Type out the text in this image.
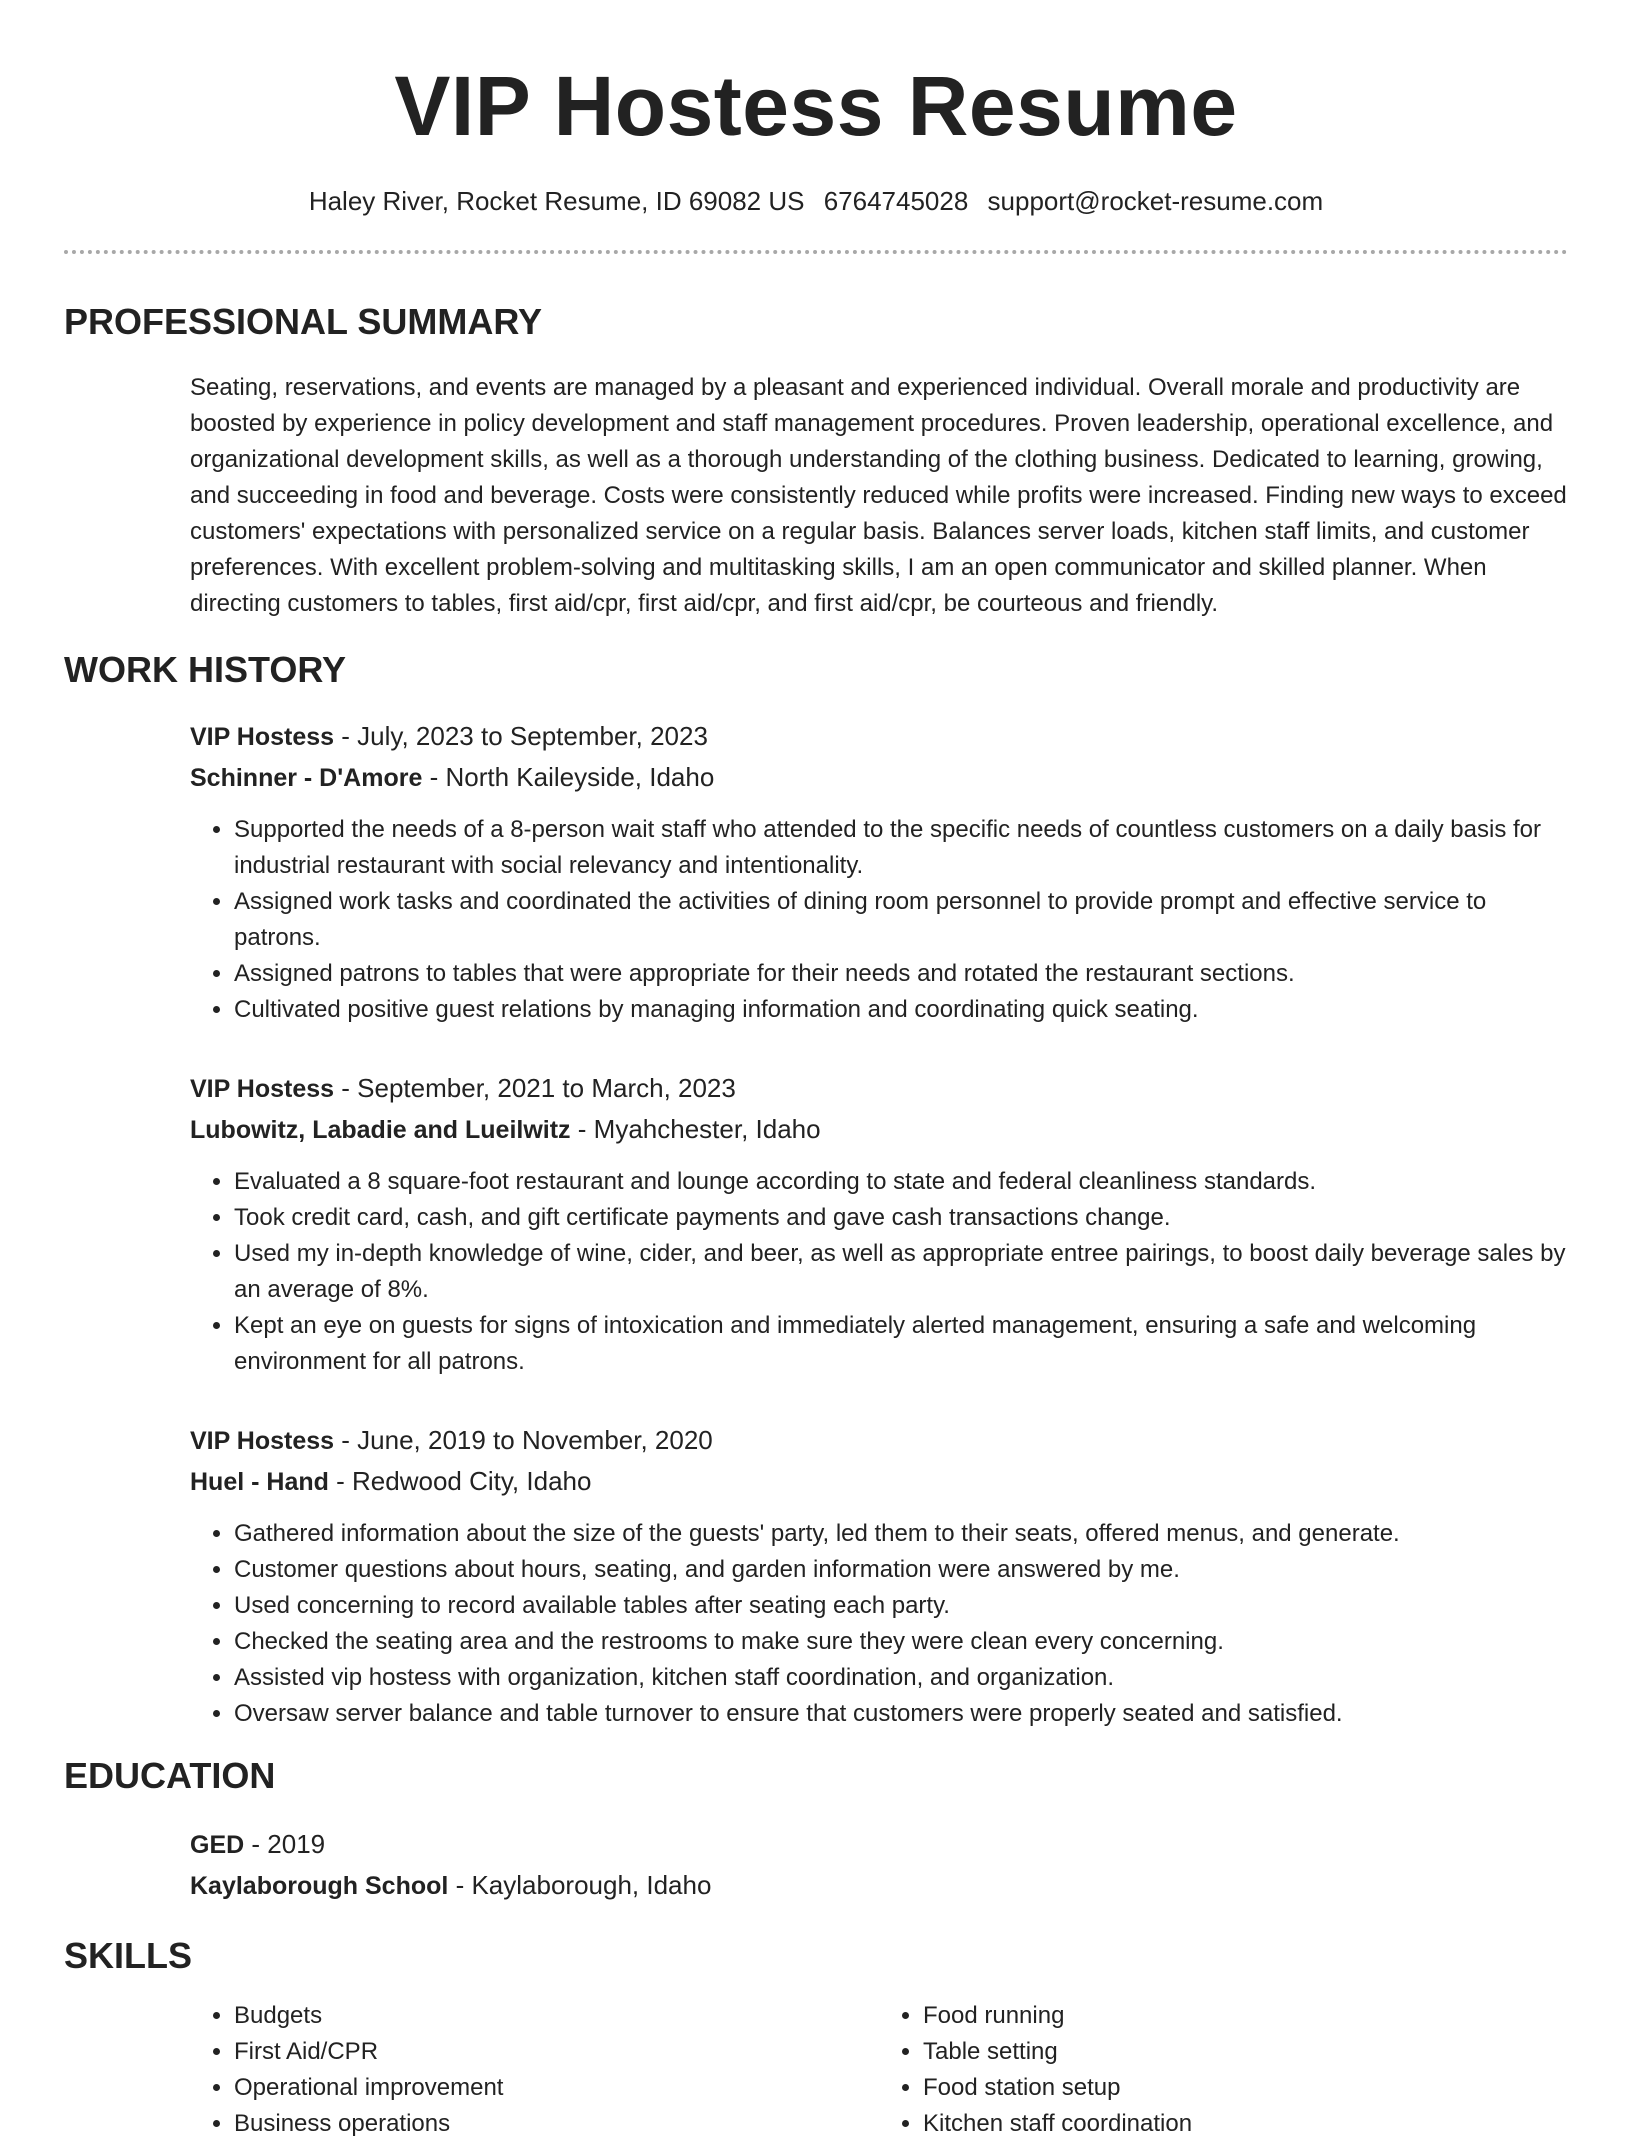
VIP Hostess Resume
Haley River, Rocket Resume, ID 69082 US 6764745028 support@rocket-resume.com
PROFESSIONAL SUMMARY

Seating, reservations, and events are managed by a pleasant and experienced individual. Overall morale and productivity are boosted by experience in policy development and staff management procedures. Proven leadership, operational excellence, and organizational development skills, as well as a thorough understanding of the clothing business. Dedicated to learning, growing, and succeeding in food and beverage. Costs were consistently reduced while profits were increased. Finding new ways to exceed customers' expectations with personalized service on a regular basis. Balances server loads, kitchen staff limits, and customer preferences. With excellent problem-solving and multitasking skills, I am an open communicator and skilled planner. When directing customers to tables, first aid/cpr, first aid/cpr, and first aid/cpr, be courteous and friendly.

WORK HISTORY
VIP Hostess - July, 2023 to September, 2023
Schinner - D'Amore - North Kaileyside, Idaho
• Supported the needs of a 8-person wait staff who attended to the specific needs of countless customers on a daily basis for industrial restaurant with social relevancy and intentionality.
• Assigned work tasks and coordinated the activities of dining room personnel to provide prompt and effective service to patrons.
• Assigned patrons to tables that were appropriate for their needs and rotated the restaurant sections.
• Cultivated positive guest relations by managing information and coordinating quick seating.
VIP Hostess - September, 2021 to March, 2023
Lubowitz, Labadie and Lueilwitz - Myahchester, Idaho
• Evaluated a 8 square-foot restaurant and lounge according to state and federal cleanliness standards.
• Took credit card, cash, and gift certificate payments and gave cash transactions change.
• Used my in-depth knowledge of wine, cider, and beer, as well as appropriate entree pairings, to boost daily beverage sales by an average of 8%.
• Kept an eye on guests for signs of intoxication and immediately alerted management, ensuring a safe and welcoming environment for all patrons.
VIP Hostess - June, 2019 to November, 2020
Huel - Hand - Redwood City, Idaho
• Gathered information about the size of the guests' party, led them to their seats, offered menus, and generate.
• Customer questions about hours, seating, and garden information were answered by me.
• Used concerning to record available tables after seating each party.
• Checked the seating area and the restrooms to make sure they were clean every concerning.
• Assisted vip hostess with organization, kitchen staff coordination, and organization.
• Oversaw server balance and table turnover to ensure that customers were properly seated and satisfied.
EDUCATION
GED - 2019
Kaylaborough School - Kaylaborough, Idaho
SKILLS
• Budgets
• First Aid/CPR
• Operational improvement
• Business operations
• Food running
• Table setting
• Food station setup
• Kitchen staff coordination
